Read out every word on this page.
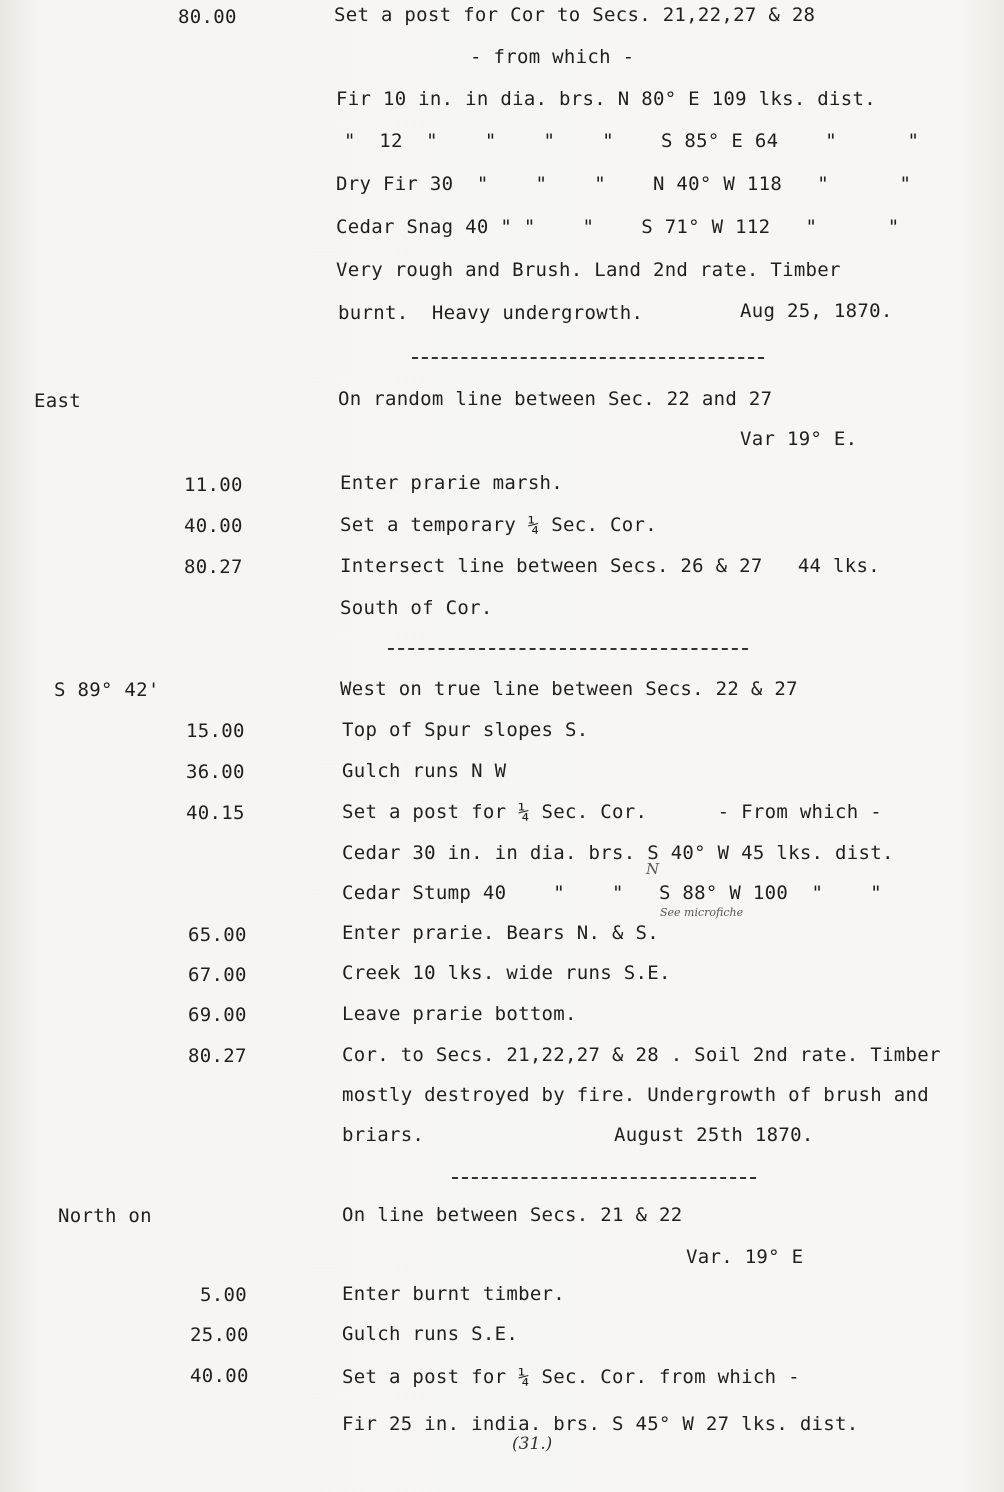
80.00	Set a post for Cor to Secs. 21,22,27 & 28
- from which -
Fir 10 in. in dia. brs. N 80° E 109 lks. dist.
"  12  "    "    "    "    S 85° E 64    "      "
Dry Fir 30  "    "    "    N 40° W 118   "      "
Cedar Snag 40 " "    "    S 71° W 112   "      "
Very rough and Brush. Land 2nd rate. Timber
burnt.  Heavy undergrowth.	Aug 25, 1870.
East	On random line between Sec. 22 and 27
Var 19° E.
11.00	Enter prarie marsh.
40.00	Set a temporary ¼ Sec. Cor.
80.27	Intersect line between Secs. 26 & 27   44 lks.
South of Cor.
S 89° 42'	West on true line between Secs. 22 & 27
15.00	Top of Spur slopes S.
36.00	Gulch runs N W
40.15	Set a post for ¼ Sec. Cor.      - From which -
Cedar 30 in. in dia. brs. S 40° W 45 lks. dist.
Cedar Stump 40    "    "   S 88° W 100  "    "
N
See microfiche
65.00	Enter prarie. Bears N. & S.
67.00	Creek 10 lks. wide runs S.E.
69.00	Leave prarie bottom.
80.27	Cor. to Secs. 21,22,27 & 28 . Soil 2nd rate. Timber
mostly destroyed by fire. Undergrowth of brush and
briars.	August 25th 1870.
North on	On line between Secs. 21 & 22
Var. 19° E
5.00	Enter burnt timber.
25.00	Gulch runs S.E.
40.00	Set a post for ¼ Sec. Cor. from which -
Fir 25 in. india. brs. S 45° W 27 lks. dist.
(31.)
